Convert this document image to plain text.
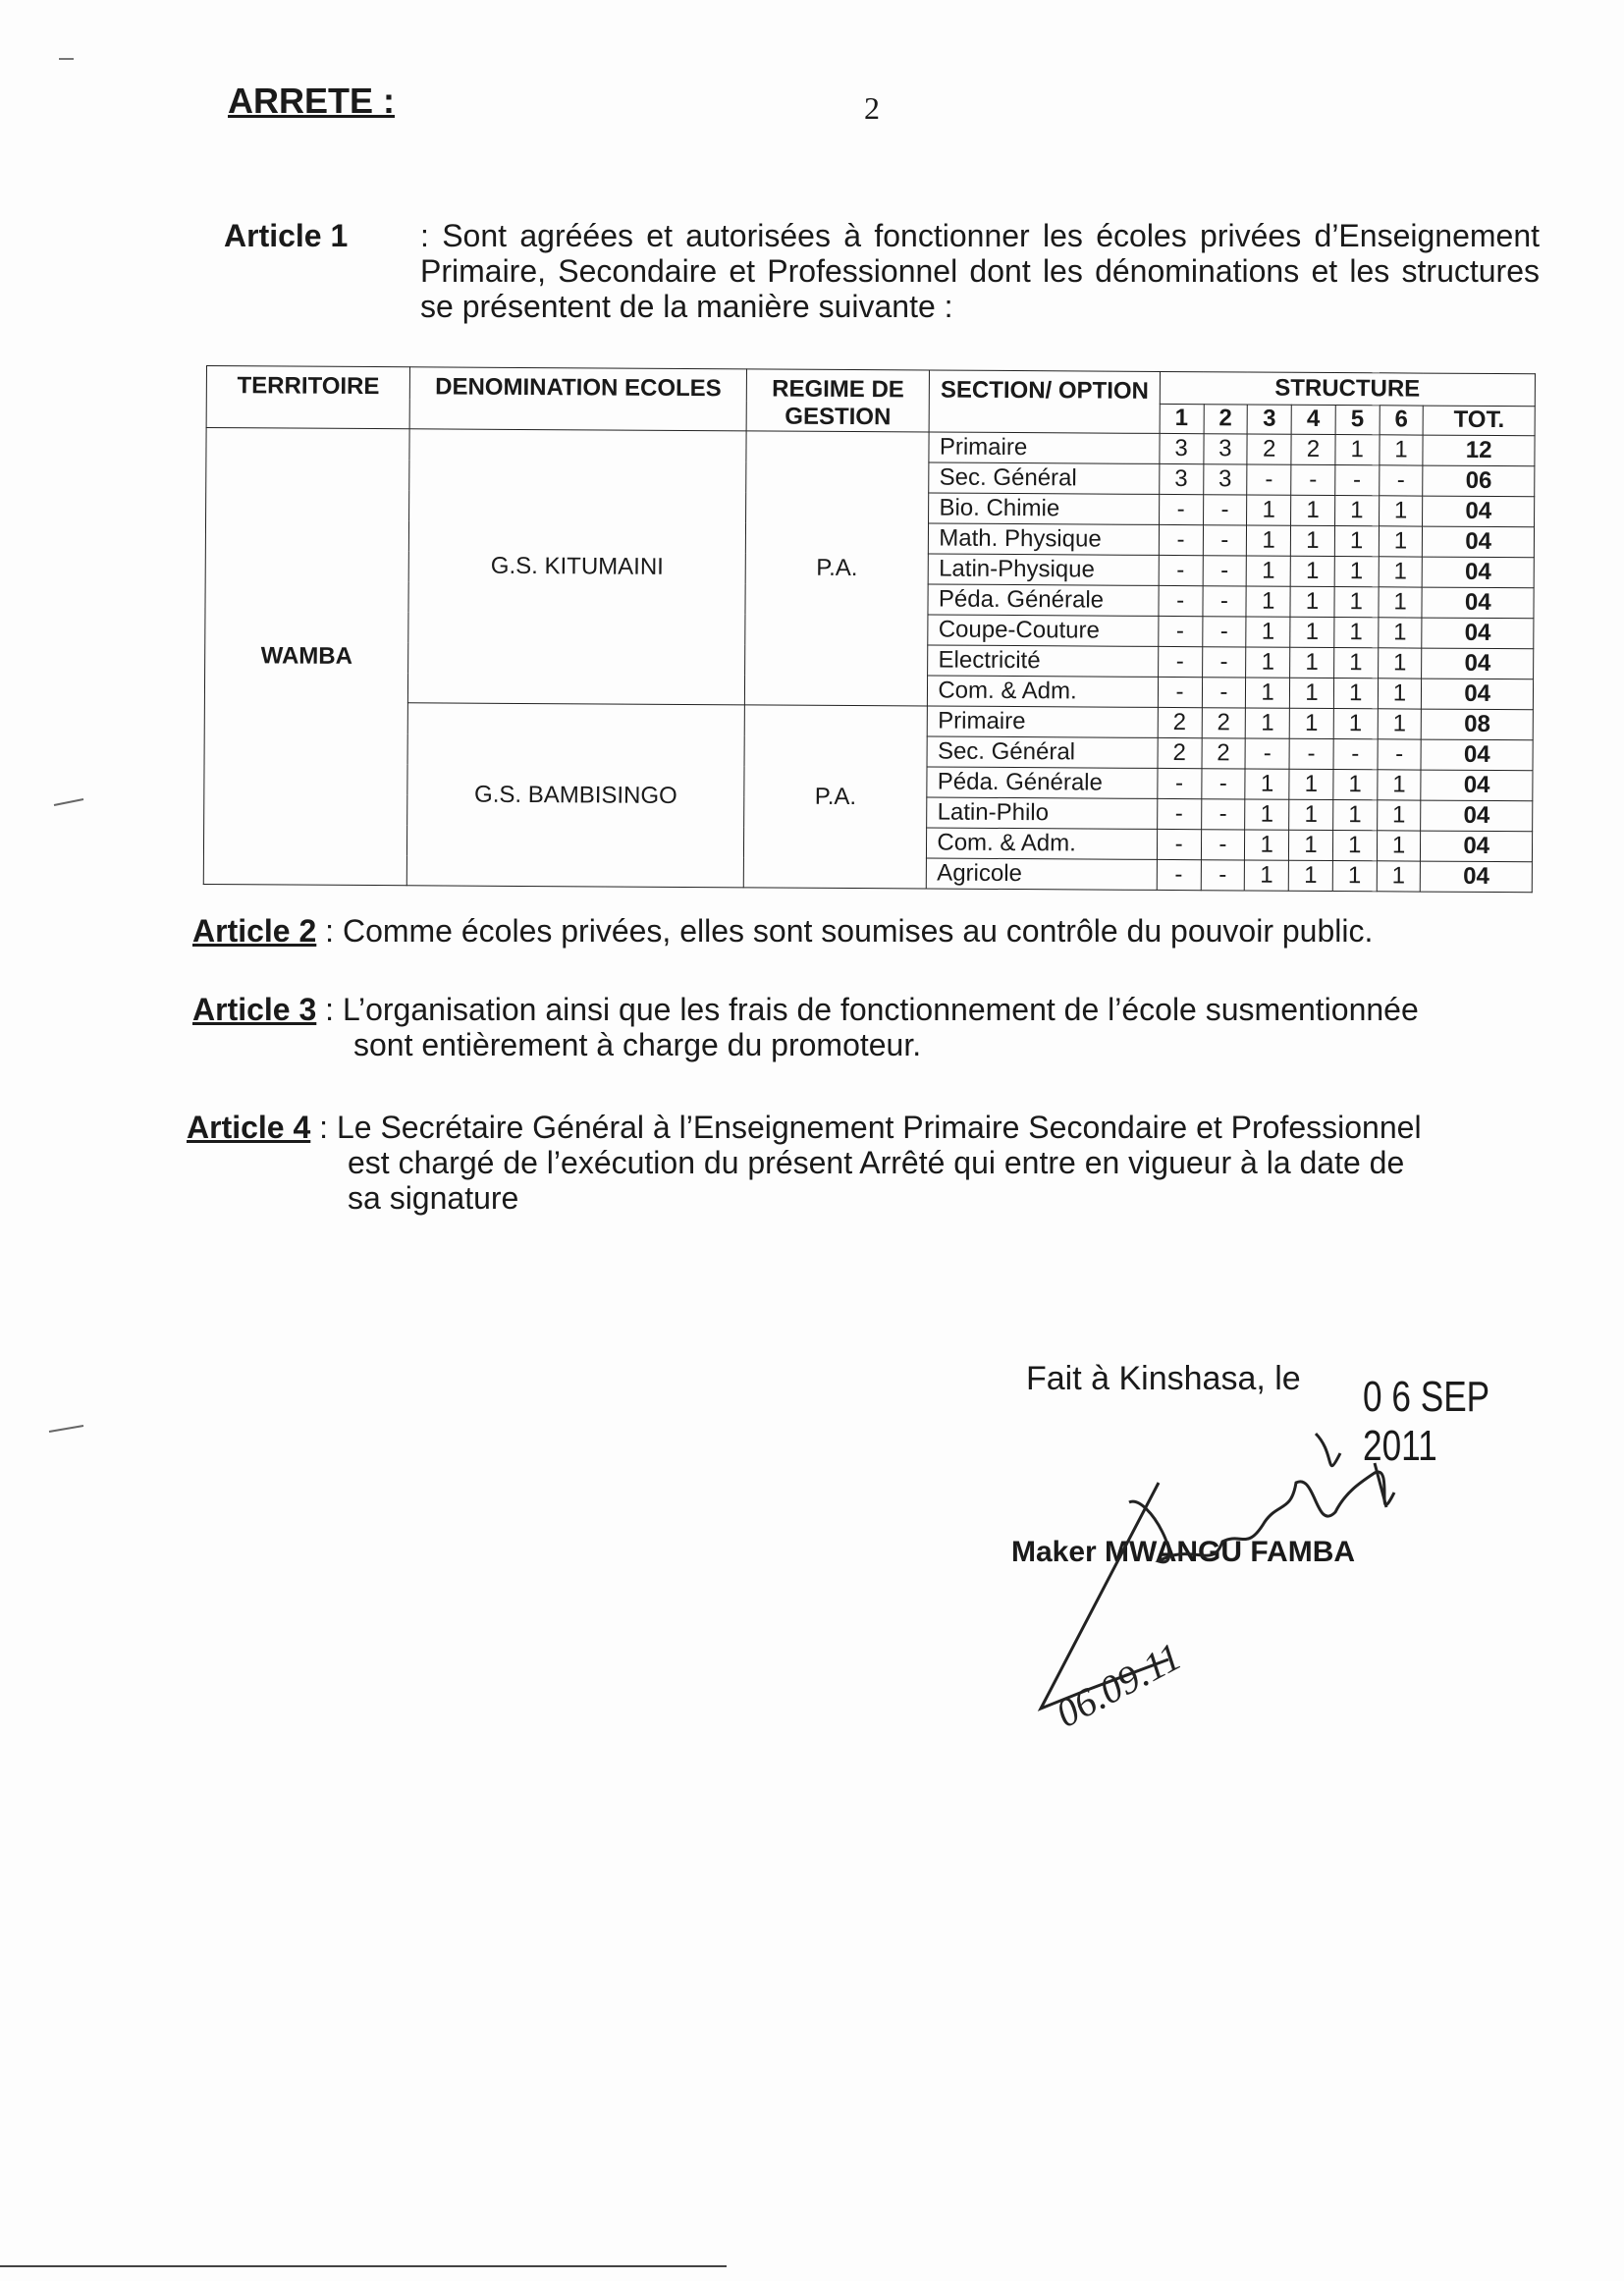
ARRETE :	2
Article 1 : Sont agréées et autorisées à fonctionner les écoles privées d’Enseignement Primaire, Secondaire et Professionnel dont les dénominations et les structures se présentent de la manière suivante :
TERRITOIRE	DENOMINATION ECOLES	REGIME DE GESTION	SECTION/ OPTION	STRUCTURE						
				1	2	3	4	5	6	TOT.
WAMBA	G.S. KITUMAINI	P.A.	Primaire	3	3	2	2	1	1	12
			Sec. Général	3	3	-	-	-	-	06
			Bio. Chimie	-	-	1	1	1	1	04
			Math. Physique	-	-	1	1	1	1	04
			Latin-Physique	-	-	1	1	1	1	04
			Péda. Générale	-	-	1	1	1	1	04
			Coupe-Couture	-	-	1	1	1	1	04
			Electricité	-	-	1	1	1	1	04
			Com. & Adm.	-	-	1	1	1	1	04
	G.S. BAMBISINGO	P.A.	Primaire	2	2	1	1	1	1	08
			Sec. Général	2	2	-	-	-	-	04
			Péda. Générale	-	-	1	1	1	1	04
			Latin-Philo	-	-	1	1	1	1	04
			Com. & Adm.	-	-	1	1	1	1	04
			Agricole	-	-	1	1	1	1	04
Article 2 : Comme écoles privées, elles sont soumises au contrôle du pouvoir public.
Article 3 : L’organisation ainsi que les frais de fonctionnement de l’école susmentionnée
sont entièrement à charge du promoteur.
Article 4 : Le Secrétaire Général à l’Enseignement Primaire Secondaire et Professionnel
est chargé de l’exécution du présent Arrêté qui entre en vigueur à la date de
sa signature
Fait à Kinshasa, le 0 6 SEP 2011
Maker MWANGU FAMBA
06.09.11
